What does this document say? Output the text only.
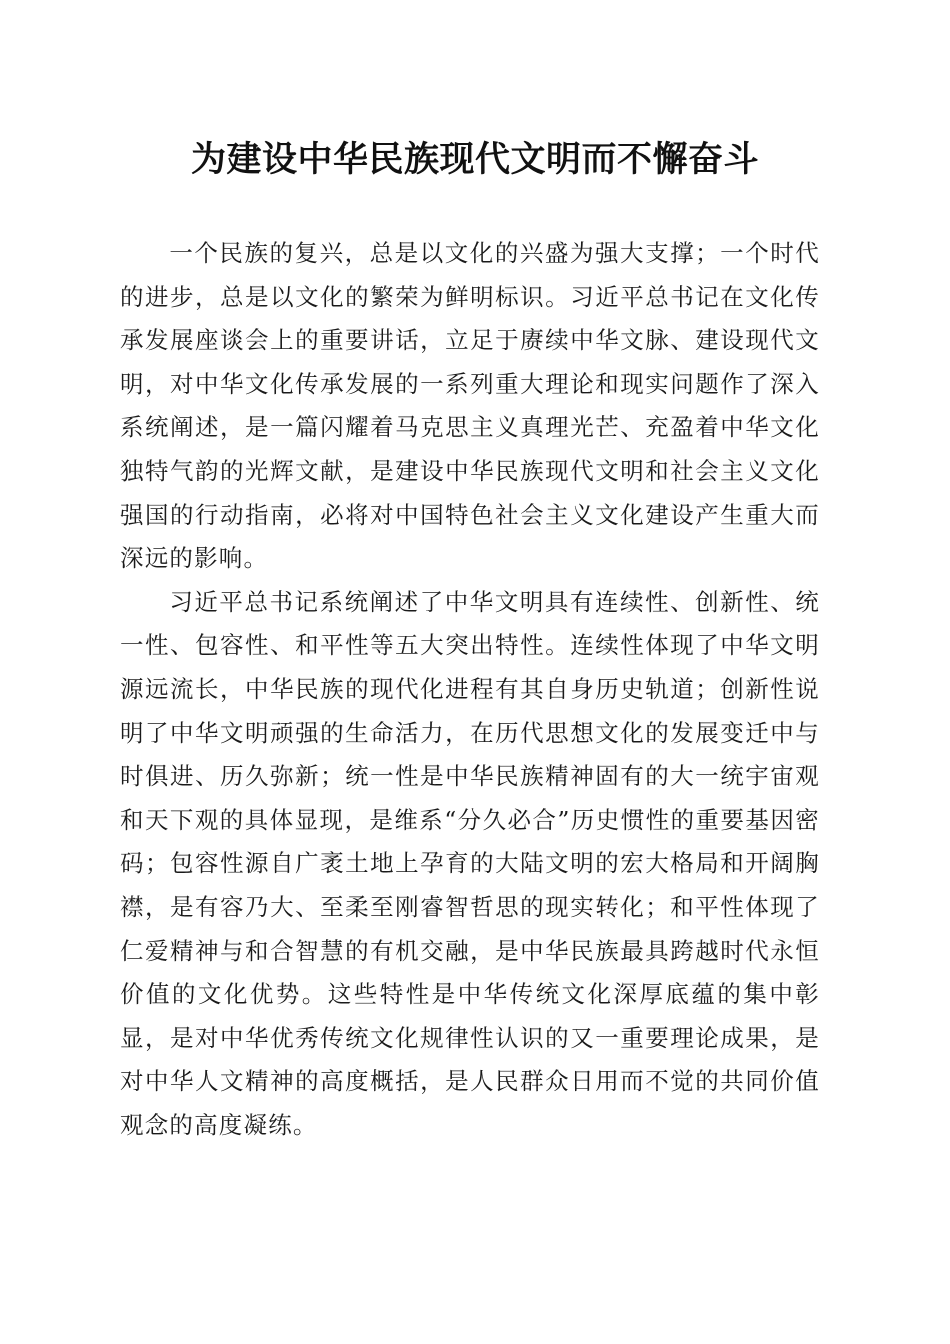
为建设中华民族现代文明而不懈奋斗

一个民族的复兴，总是以文化的兴盛为强大支撑；一个时代的进步，总是以文化的繁荣为鲜明标识。习近平总书记在文化传承发展座谈会上的重要讲话，立足于赓续中华文脉、建设现代文明，对中华文化传承发展的一系列重大理论和现实问题作了深入系统阐述，是一篇闪耀着马克思主义真理光芒、充盈着中华文化独特气韵的光辉文献，是建设中华民族现代文明和社会主义文化强国的行动指南，必将对中国特色社会主义文化建设产生重大而深远的影响。

习近平总书记系统阐述了中华文明具有连续性、创新性、统一性、包容性、和平性等五大突出特性。连续性体现了中华文明源远流长，中华民族的现代化进程有其自身历史轨道；创新性说明了中华文明顽强的生命活力，在历代思想文化的发展变迁中与时俱进、历久弥新；统一性是中华民族精神固有的大一统宇宙观和天下观的具体显现，是维系“分久必合”历史惯性的重要基因密码；包容性源自广袤土地上孕育的大陆文明的宏大格局和开阔胸襟，是有容乃大、至柔至刚睿智哲思的现实转化；和平性体现了仁爱精神与和合智慧的有机交融，是中华民族最具跨越时代永恒价值的文化优势。这些特性是中华传统文化深厚底蕴的集中彰显，是对中华优秀传统文化规律性认识的又一重要理论成果，是对中华人文精神的高度概括，是人民群众日用而不觉的共同价值观念的高度凝练。
